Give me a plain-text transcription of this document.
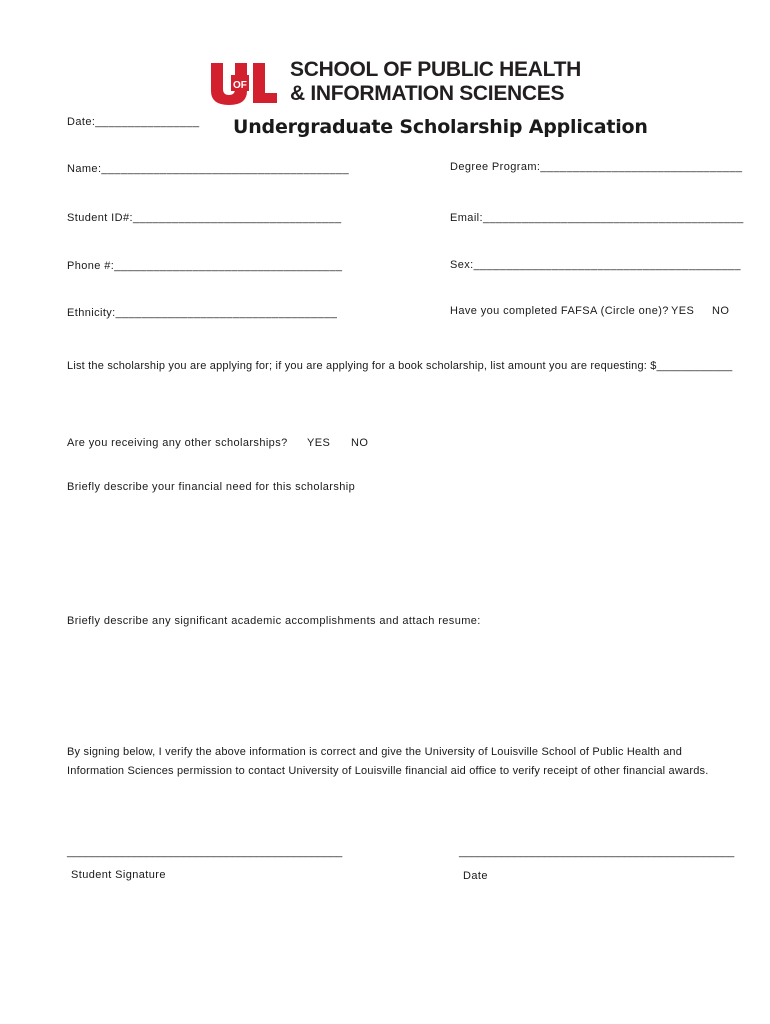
OF
SCHOOL OF PUBLIC HEALTH
& INFORMATION SCIENCES
Undergraduate Scholarship Application
Date:________________
Name:______________________________________	Degree Program:_______________________________
Student ID#:________________________________	Email:________________________________________
Phone #:___________________________________	Sex:_________________________________________
Ethnicity:__________________________________	Have you completed FAFSA (Circle one)? YES NO
List the scholarship you are applying for; if you are applying for a book scholarship, list amount you are requesting: $____________
Are you receiving any other scholarships? YES NO
Briefly describe your financial need for this scholarship
Briefly describe any significant academic accomplishments and attach resume:
By signing below, I verify the above information is correct and give the University of Louisville School of Public Health and Information Sciences permission to contact University of Louisville financial aid office to verify receipt of other financial awards.
_____________________________________________	_____________________________________________
Student Signature	Date
